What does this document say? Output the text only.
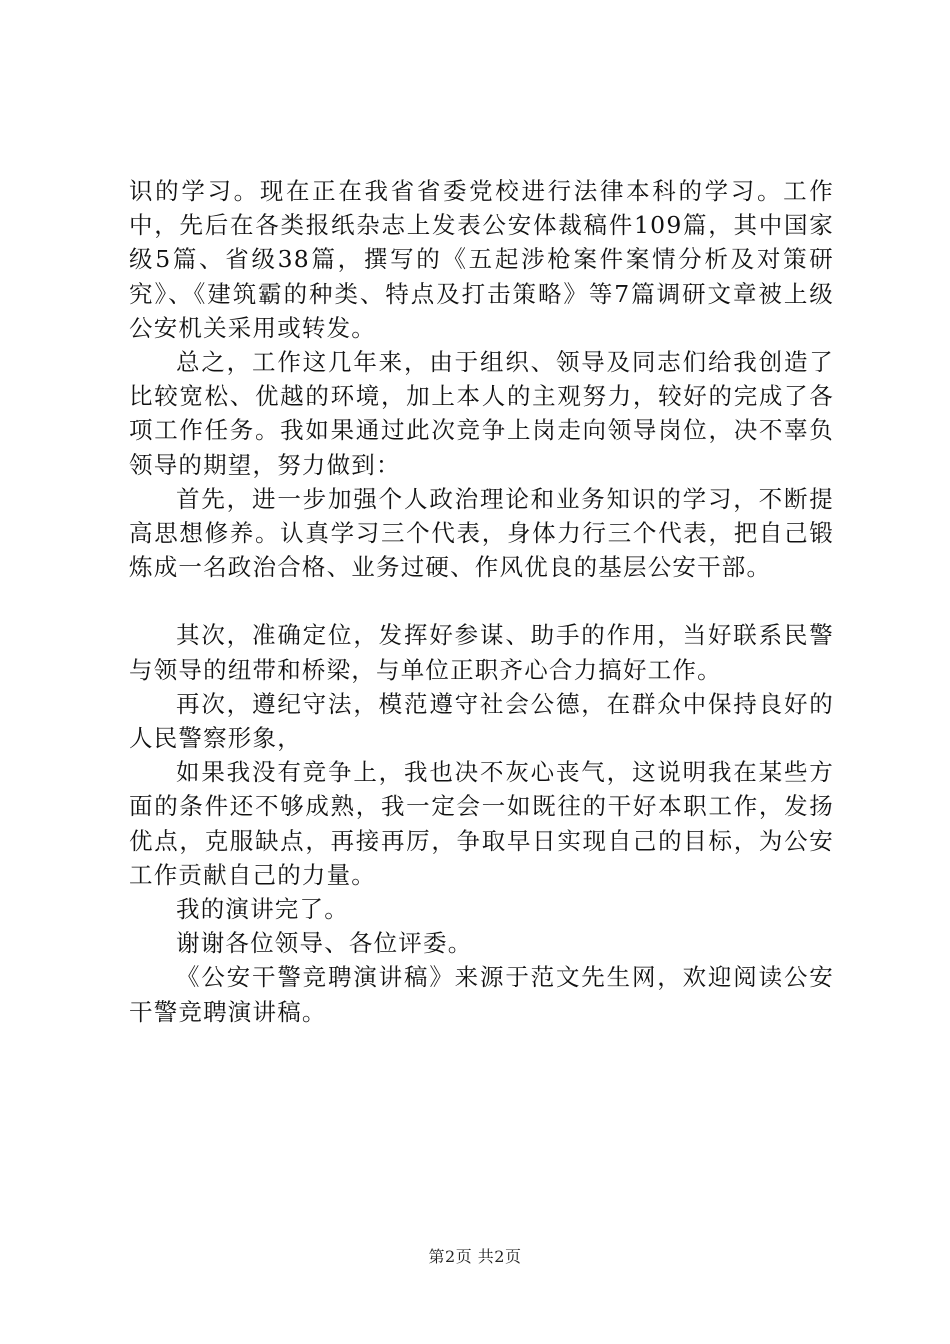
识的学习。现在正在我省省委党校进行法律本科的学习。工作中，先后在各类报纸杂志上发表公安体裁稿件109篇，其中国家级5篇、省级38篇，撰写的《五起涉枪案件案情分析及对策研究》、《建筑霸的种类、特点及打击策略》等7篇调研文章被上级公安机关采用或转发。

总之，工作这几年来，由于组织、领导及同志们给我创造了比较宽松、优越的环境，加上本人的主观努力，较好的完成了各项工作任务。我如果通过此次竞争上岗走向领导岗位，决不辜负领导的期望，努力做到：

首先，进一步加强个人政治理论和业务知识的学习，不断提高思想修养。认真学习三个代表，身体力行三个代表，把自己锻炼成一名政治合格、业务过硬、作风优良的基层公安干部。

其次，准确定位，发挥好参谋、助手的作用，当好联系民警与领导的纽带和桥梁，与单位正职齐心合力搞好工作。

再次，遵纪守法，模范遵守社会公德，在群众中保持良好的人民警察形象，

如果我没有竞争上，我也决不灰心丧气，这说明我在某些方面的条件还不够成熟，我一定会一如既往的干好本职工作，发扬优点，克服缺点，再接再厉，争取早日实现自己的目标，为公安工作贡献自己的力量。

我的演讲完了。

谢谢各位领导、各位评委。

《公安干警竞聘演讲稿》来源于范文先生网，欢迎阅读公安干警竞聘演讲稿。

第2页 共2页
